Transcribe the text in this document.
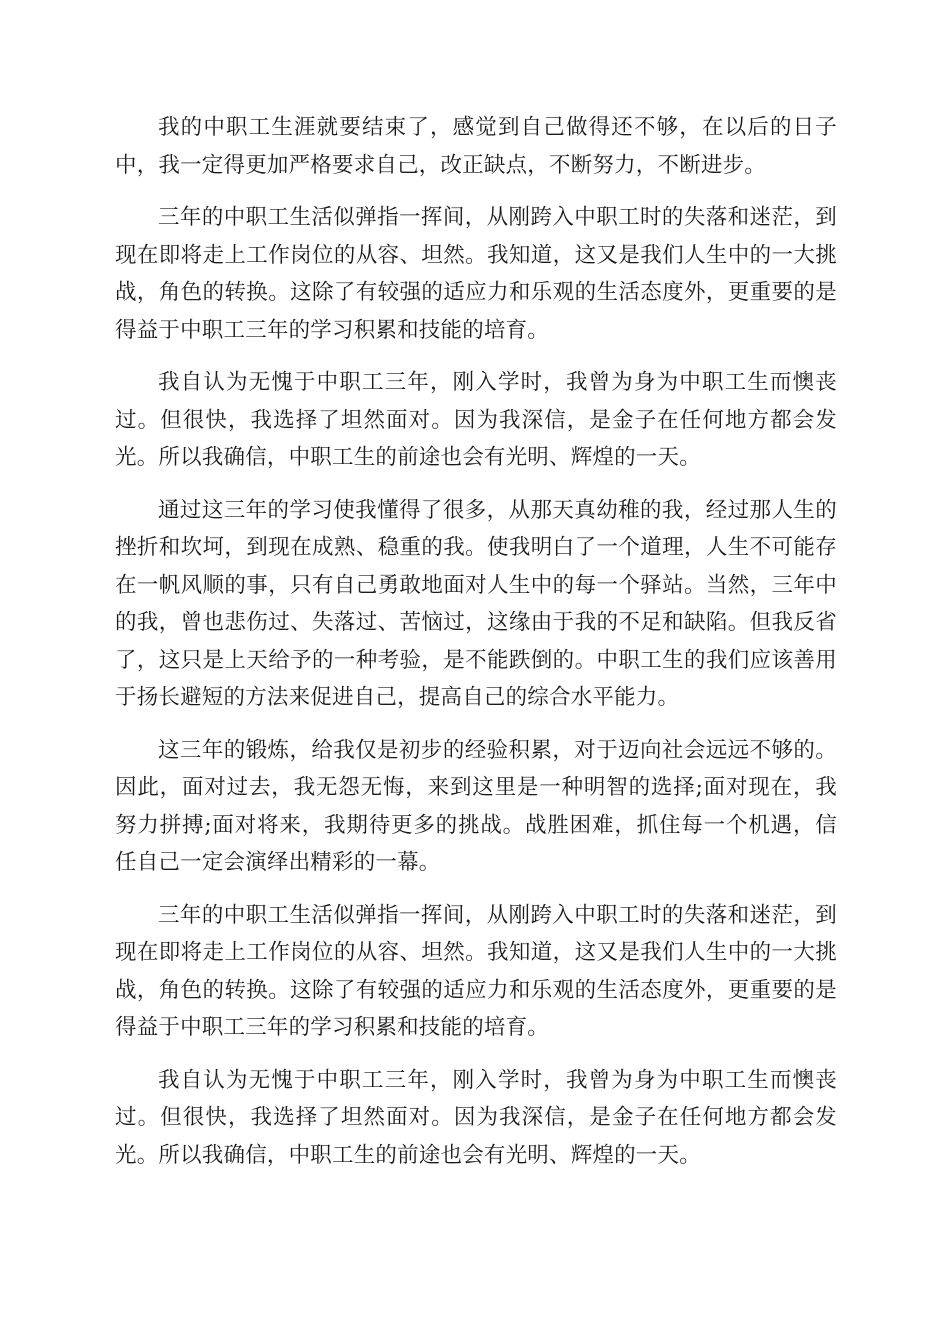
我的中职工生涯就要结束了，感觉到自己做得还不够，在以后的日子中，我一定得更加严格要求自己，改正缺点，不断努力，不断进步。

三年的中职工生活似弹指一挥间，从刚跨入中职工时的失落和迷茫，到现在即将走上工作岗位的从容、坦然。我知道，这又是我们人生中的一大挑战，角色的转换。这除了有较强的适应力和乐观的生活态度外，更重要的是得益于中职工三年的学习积累和技能的培育。

我自认为无愧于中职工三年，刚入学时，我曾为身为中职工生而懊丧过。但很快，我选择了坦然面对。因为我深信，是金子在任何地方都会发光。所以我确信，中职工生的前途也会有光明、辉煌的一天。

通过这三年的学习使我懂得了很多，从那天真幼稚的我，经过那人生的挫折和坎坷，到现在成熟、稳重的我。使我明白了一个道理，人生不可能存在一帆风顺的事，只有自己勇敢地面对人生中的每一个驿站。当然，三年中的我，曾也悲伤过、失落过、苦恼过，这缘由于我的不足和缺陷。但我反省了，这只是上天给予的一种考验，是不能跌倒的。中职工生的我们应该善用于扬长避短的方法来促进自己，提高自己的综合水平能力。

这三年的锻炼，给我仅是初步的经验积累，对于迈向社会远远不够的。因此，面对过去，我无怨无悔，来到这里是一种明智的选择;面对现在，我努力拼搏;面对将来，我期待更多的挑战。战胜困难，抓住每一个机遇，信任自己一定会演绎出精彩的一幕。

三年的中职工生活似弹指一挥间，从刚跨入中职工时的失落和迷茫，到现在即将走上工作岗位的从容、坦然。我知道，这又是我们人生中的一大挑战，角色的转换。这除了有较强的适应力和乐观的生活态度外，更重要的是得益于中职工三年的学习积累和技能的培育。

我自认为无愧于中职工三年，刚入学时，我曾为身为中职工生而懊丧过。但很快，我选择了坦然面对。因为我深信，是金子在任何地方都会发光。所以我确信，中职工生的前途也会有光明、辉煌的一天。
